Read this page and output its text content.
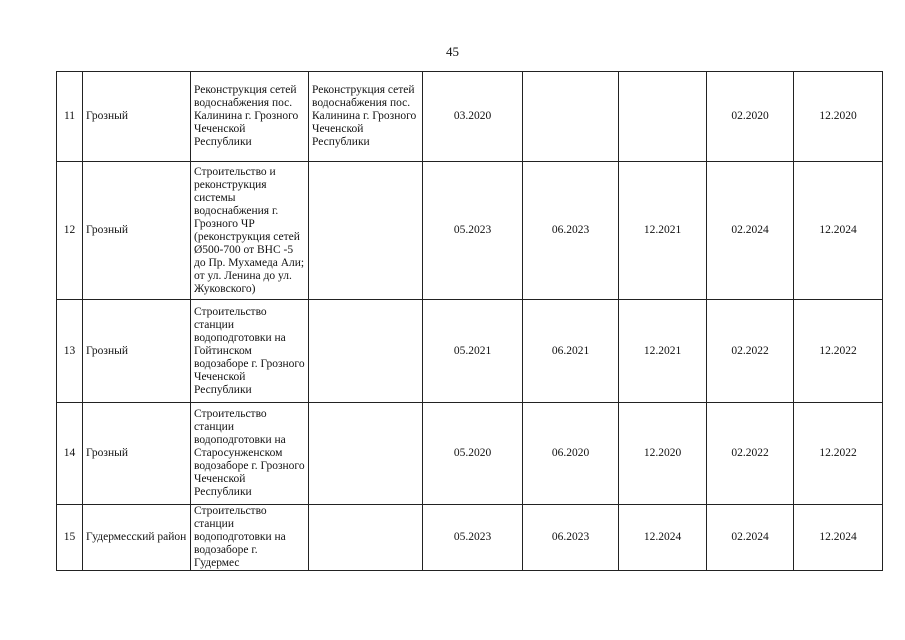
45
11	Грозный	Реконструкция сетей водоснабжения пос. Калинина г. Грозного Чеченской Республики	Реконструкция сетей водоснабжения пос. Калинина г. Грозного Чеченской Республики	03.2020			02.2020	12.2020
12	Грозный	Строительство и реконструкция системы водоснабжения г. Грозного ЧР (реконструкция сетей Ø500-700 от ВНС -5 до Пр. Мухамеда Али; от ул. Ленина до ул. Жуковского)		05.2023	06.2023	12.2021	02.2024	12.2024
13	Грозный	Строительство станции водоподготовки на Гойтинском водозаборе г. Грозного Чеченской Республики		05.2021	06.2021	12.2021	02.2022	12.2022
14	Грозный	Строительство станции водоподготовки на Старосунженском водозаборе г. Грозного Чеченской Республики		05.2020	06.2020	12.2020	02.2022	12.2022
15	Гудермесский район	Строительство станции водоподготовки на водозаборе г. Гудермес		05.2023	06.2023	12.2024	02.2024	12.2024
